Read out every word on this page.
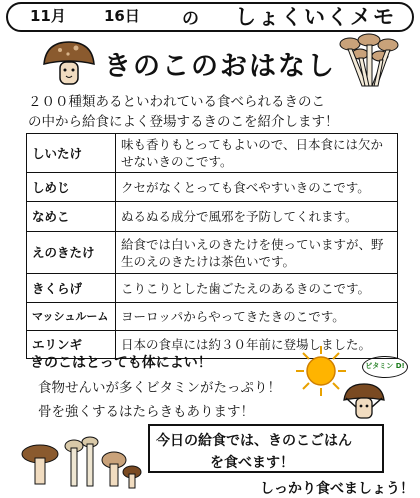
11月	16日 の しょくいくメモ
きのこのおはなし
２００種類あるといわれている食べられるきのこ
の中から給食によく登場するきのこを紹介します！
しいたけ	味も香りもとってもよいので、日本食には欠かせないきのこです。
しめじ	クセがなくとっても食べやすいきのこです。
なめこ	ぬるぬる成分で風邪を予防してくれます。
えのきたけ	給食では白いえのきたけを使っていますが、野生のえのきたけは茶色いです。
きくらげ	こりこりとした歯ごたえのあるきのこです。
マッシュルーム	ヨーロッパからやってきたきのこです。
エリンギ	日本の食卓には約３０年前に登場しました。
きのこはとっても体によい！
食物せんいが多くビタミンがたっぷり！
骨を強くするはたらきもあります！
ビタミン D!
今日の給食では、きのこごはん
を食べます！
しっかり食べましょう！
